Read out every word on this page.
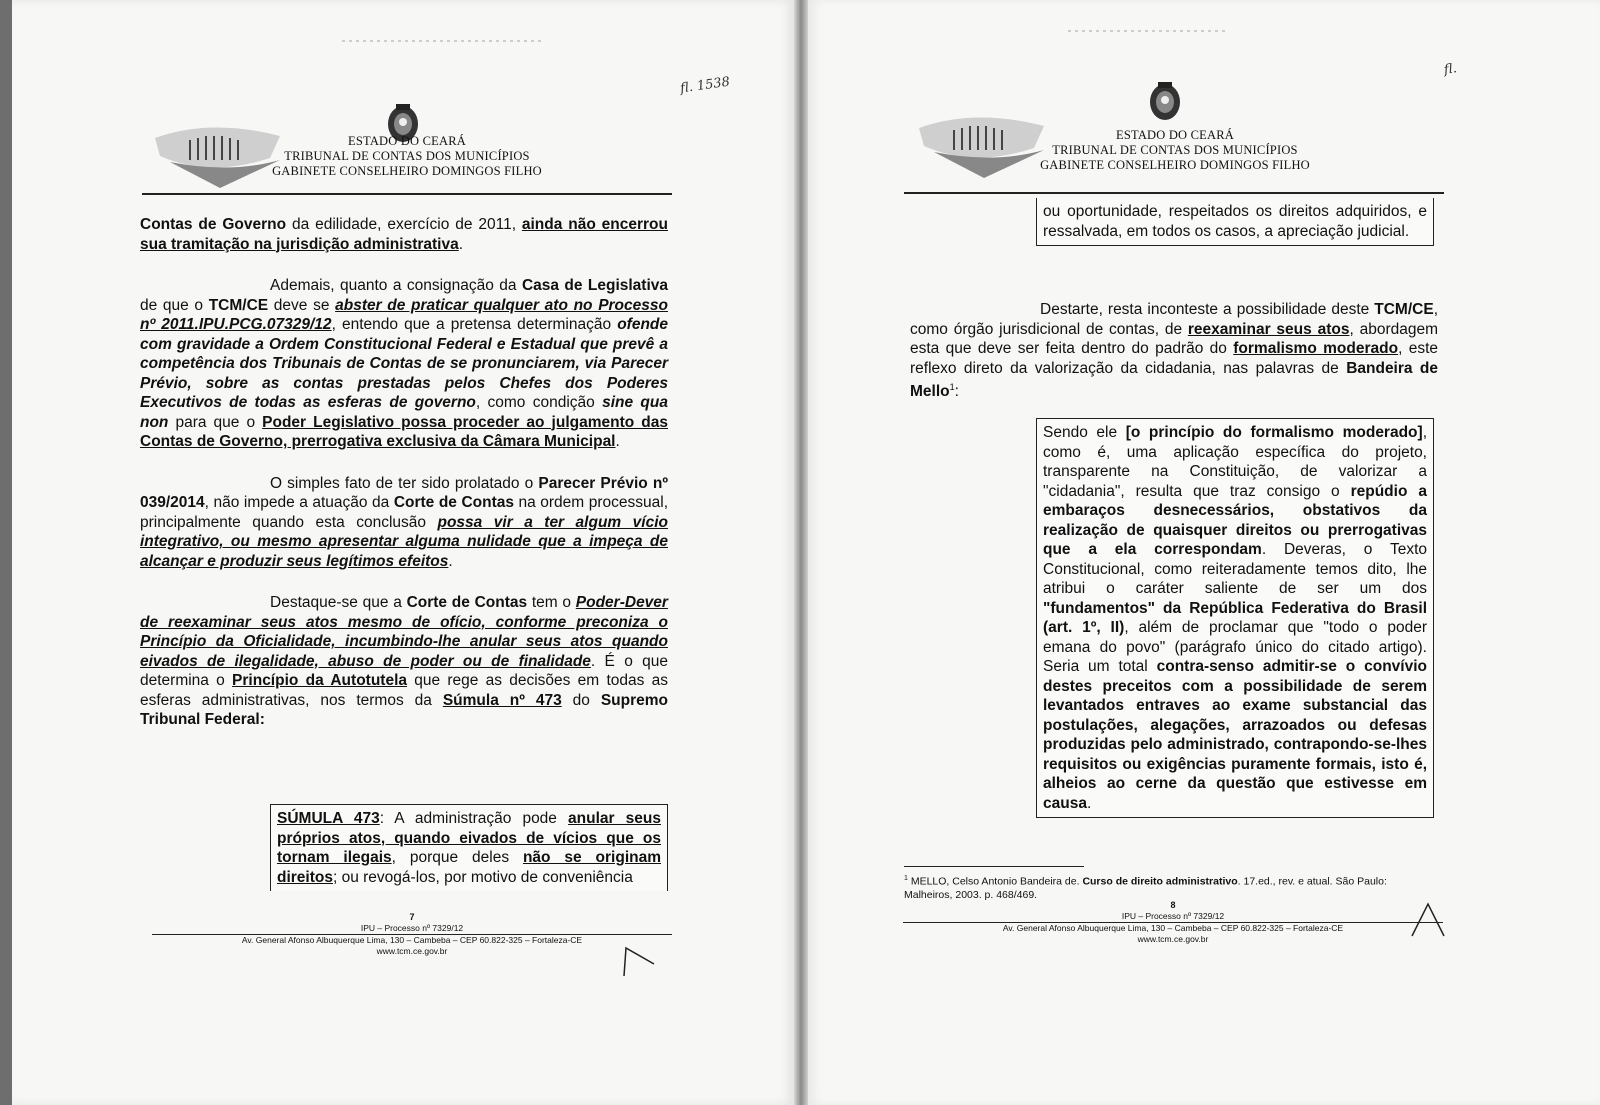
ESTADO DO CEARÁ
TRIBUNAL DE CONTAS DOS MUNICÍPIOS
GABINETE CONSELHEIRO DOMINGOS FILHO
fl. 1538

Contas de Governo da edilidade, exercício de 2011, ainda não encerrou sua tramitação na jurisdição administrativa.

Ademais, quanto a consignação da Casa de Legislativa de que o TCM/CE deve se abster de praticar qualquer ato no Processo nº 2011.IPU.PCG.07329/12, entendo que a pretensa determinação ofende com gravidade a Ordem Constitucional Federal e Estadual que prevê a competência dos Tribunais de Contas de se pronunciarem, via Parecer Prévio, sobre as contas prestadas pelos Chefes dos Poderes Executivos de todas as esferas de governo, como condição sine qua non para que o Poder Legislativo possa proceder ao julgamento das Contas de Governo, prerrogativa exclusiva da Câmara Municipal.

O simples fato de ter sido prolatado o Parecer Prévio nº 039/2014, não impede a atuação da Corte de Contas na ordem processual, principalmente quando esta conclusão possa vir a ter algum vício integrativo, ou mesmo apresentar alguma nulidade que a impeça de alcançar e produzir seus legítimos efeitos.

Destaque-se que a Corte de Contas tem o Poder-Dever de reexaminar seus atos mesmo de ofício, conforme preconiza o Princípio da Oficialidade, incumbindo-lhe anular seus atos quando eivados de ilegalidade, abuso de poder ou de finalidade. É o que determina o Princípio da Autotutela que rege as decisões em todas as esferas administrativas, nos termos da Súmula nº 473 do Supremo Tribunal Federal:

SÚMULA 473: A administração pode anular seus próprios atos, quando eivados de vícios que os tornam ilegais, porque deles não se originam direitos; ou revogá-los, por motivo de conveniência
7
IPU – Processo nº 7329/12
Av. General Afonso Albuquerque Lima, 130 – Cambeba – CEP 60.822-325 – Fortaleza-CE
www.tcm.ce.gov.br
ESTADO DO CEARÁ
TRIBUNAL DE CONTAS DOS MUNICÍPIOS
GABINETE CONSELHEIRO DOMINGOS FILHO
fl.
ou oportunidade, respeitados os direitos adquiridos, e ressalvada, em todos os casos, a apreciação judicial.

Destarte, resta inconteste a possibilidade deste TCM/CE, como órgão jurisdicional de contas, de reexaminar seus atos, abordagem esta que deve ser feita dentro do padrão do formalismo moderado, este reflexo direto da valorização da cidadania, nas palavras de Bandeira de Mello$^1$:

Sendo ele [o princípio do formalismo moderado], como é, uma aplicação específica do projeto, transparente na Constituição, de valorizar a "cidadania", resulta que traz consigo o repúdio a embaraços desnecessários, obstativos da realização de quaisquer direitos ou prerrogativas que a ela correspondam. Deveras, o Texto Constitucional, como reiteradamente temos dito, lhe atribui o caráter saliente de ser um dos "fundamentos" da República Federativa do Brasil (art. 1º, II), além de proclamar que "todo o poder emana do povo" (parágrafo único do citado artigo). Seria um total contra-senso admitir-se o convívio destes preceitos com a possibilidade de serem levantados entraves ao exame substancial das postulações, alegações, arrazoados ou defesas produzidas pelo administrado, contrapondo-se-lhes requisitos ou exigências puramente formais, isto é, alheios ao cerne da questão que estivesse em causa.
$^1$ MELLO, Celso Antonio Bandeira de. Curso de direito administrativo. 17.ed., rev. e atual. São Paulo: Malheiros, 2003. p. 468/469.
8
IPU – Processo nº 7329/12
Av. General Afonso Albuquerque Lima, 130 – Cambeba – CEP 60.822-325 – Fortaleza-CE
www.tcm.ce.gov.br
